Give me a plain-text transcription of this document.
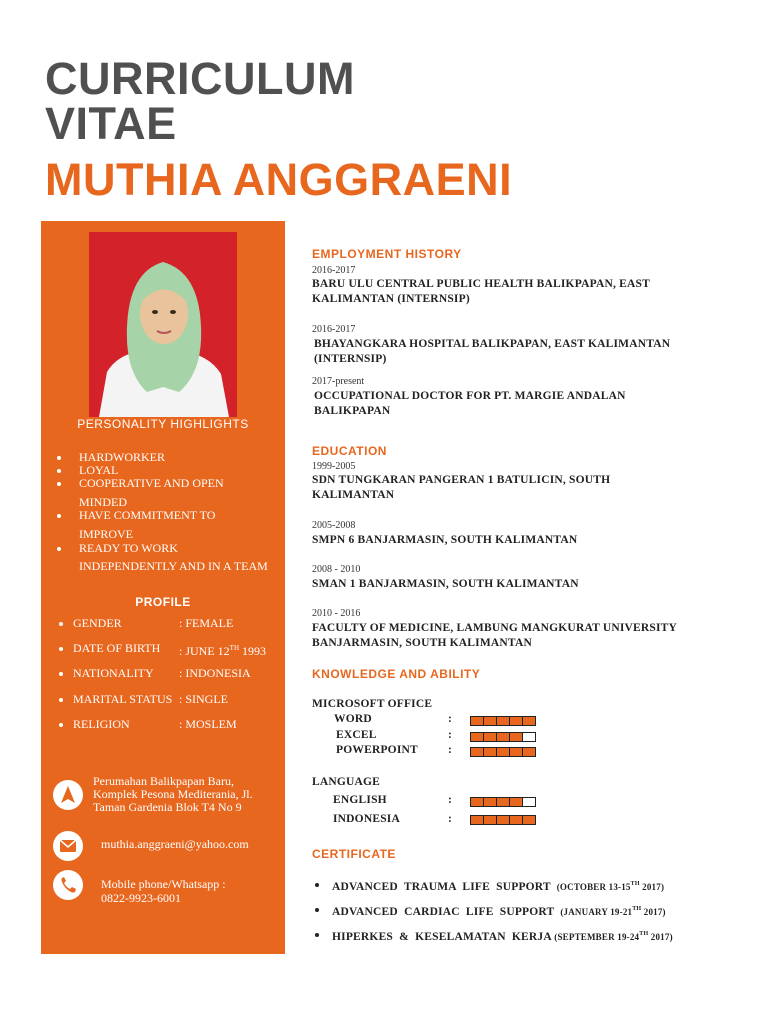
CURRICULUM
VITAE
MUTHIA ANGGRAENI
PERSONALITY HIGHLIGHTS
HARDWORKER
LOYAL
COOPERATIVE AND OPEN
MINDED
HAVE COMMITMENT TO
IMPROVE
READY TO WORK
INDEPENDENTLY AND IN A TEAM
PROFILE
GENDER	: FEMALE
DATE OF BIRTH : JUNE 12TH 1993
NATIONALITY : INDONESIA
MARITAL STATUS : SINGLE
RELIGION	: MOSLEM
Perumahan Balikpapan Baru,
Komplek Pesona Mediterania, Jl.
Taman Gardenia Blok T4 No 9
muthia.anggraeni@yahoo.com
Mobile phone/Whatsapp :
0822-9923-6001
EMPLOYMENT HISTORY
2016-2017
BARU ULU CENTRAL PUBLIC HEALTH BALIKPAPAN, EAST
KALIMANTAN (INTERNSIP)
2016-2017
BHAYANGKARA HOSPITAL BALIKPAPAN, EAST KALIMANTAN
(INTERNSIP)
2017-present
OCCUPATIONAL DOCTOR FOR PT. MARGIE ANDALAN
BALIKPAPAN
EDUCATION
1999-2005
SDN TUNGKARAN PANGERAN 1 BATULICIN, SOUTH
KALIMANTAN
2005-2008
SMPN 6 BANJARMASIN, SOUTH KALIMANTAN
2008 - 2010
SMAN 1 BANJARMASIN, SOUTH KALIMANTAN
2010 - 2016
FACULTY OF MEDICINE, LAMBUNG MANGKURAT UNIVERSITY
BANJARMASIN, SOUTH KALIMANTAN
KNOWLEDGE AND ABILITY
MICROSOFT OFFICE
WORD	:
EXCEL	:
POWERPOINT	:
LANGUAGE
ENGLISH	:
INDONESIA	:
CERTIFICATE
ADVANCED  TRAUMA  LIFE  SUPPORT  (OCTOBER 13-15TH 2017)
ADVANCED  CARDIAC  LIFE  SUPPORT  (JANUARY 19-21TH 2017)
HIPERKES  &  KESELAMATAN  KERJA (SEPTEMBER 19-24TH 2017)
